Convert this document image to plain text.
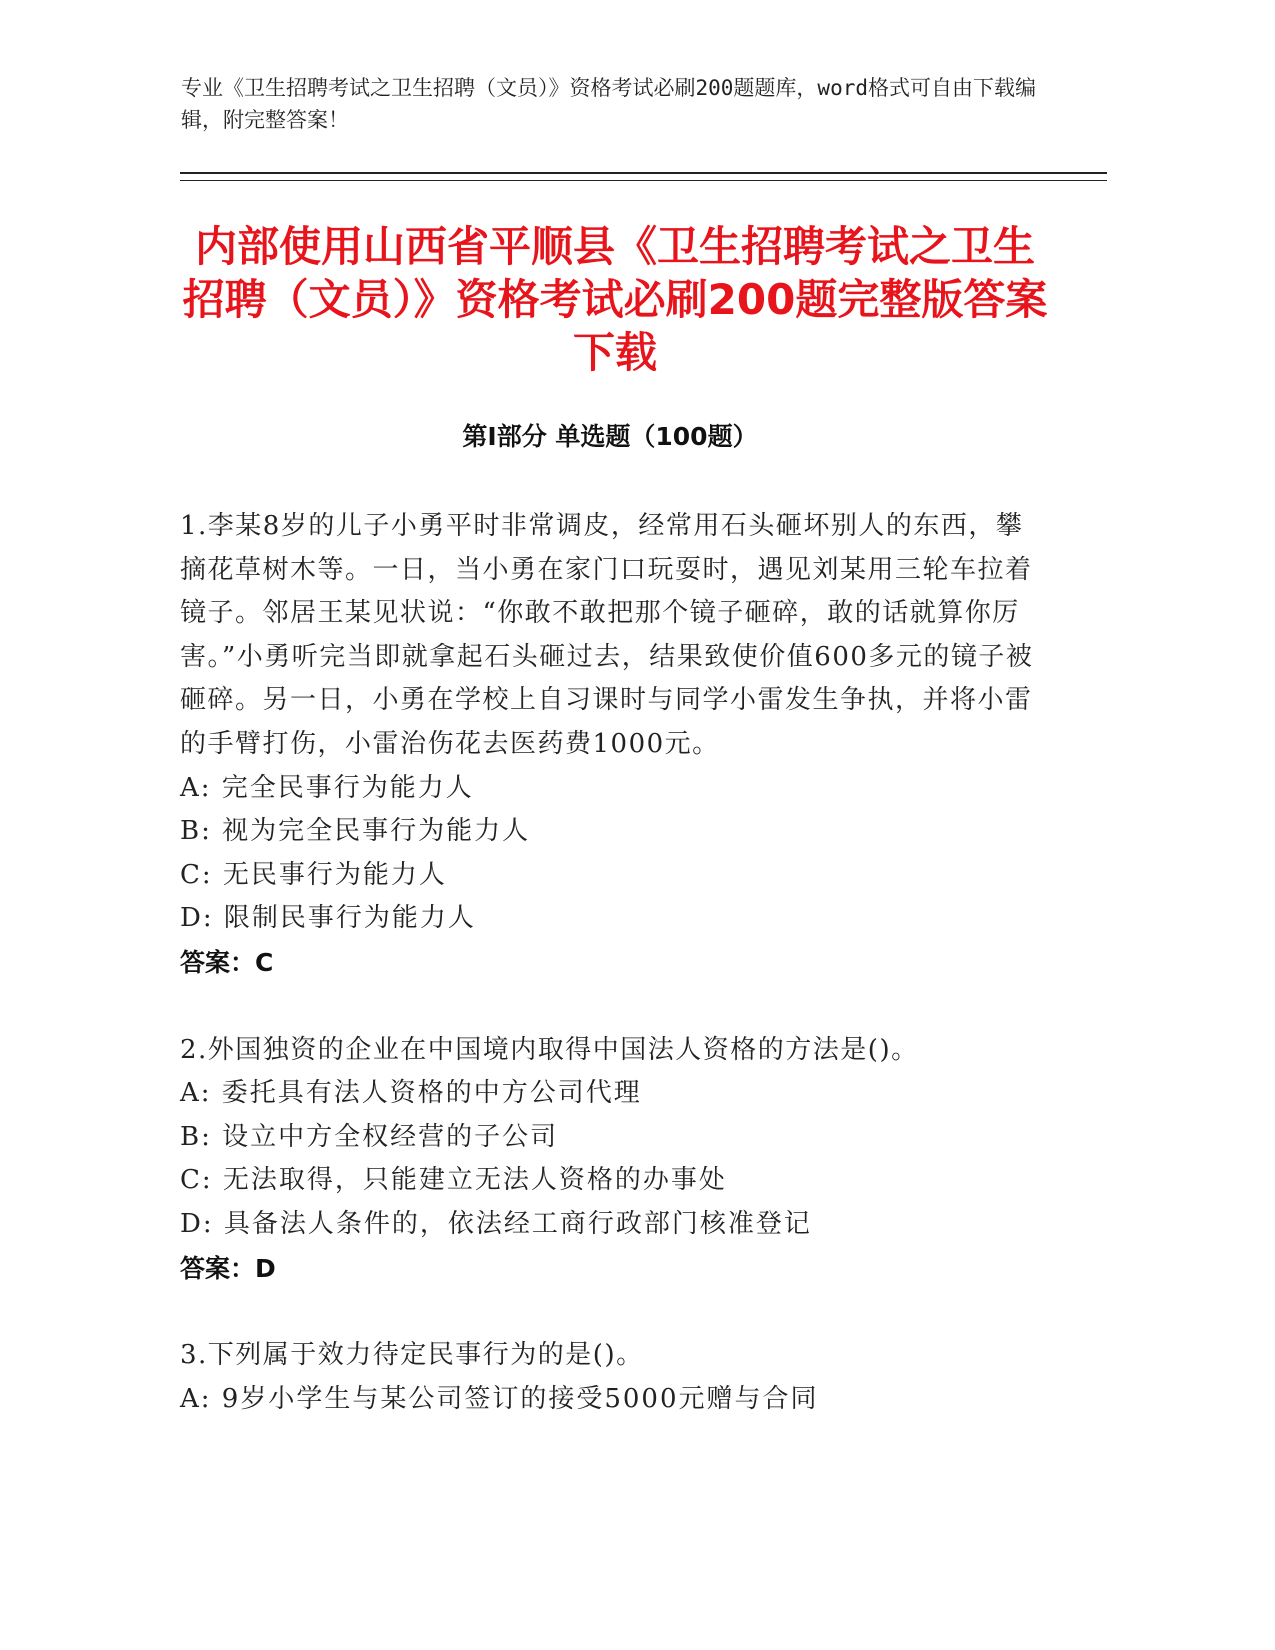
专业《卫生招聘考试之卫生招聘（文员）》资格考试必刷200题题库，word格式可自由下载编辑，附完整答案！
内部使用山西省平顺县《卫生招聘考试之卫生招聘（文员）》资格考试必刷200题完整版答案下载
第Ⅰ部分 单选题（100题）

1.李某8岁的儿子小勇平时非常调皮，经常用石头砸坏别人的东西，攀摘花草树木等。一日，当小勇在家门口玩耍时，遇见刘某用三轮车拉着镜子。邻居王某见状说：“你敢不敢把那个镜子砸碎，敢的话就算你厉害。”小勇听完当即就拿起石头砸过去，结果致使价值600多元的镜子被砸碎。另一日，小勇在学校上自习课时与同学小雷发生争执，并将小雷的手臂打伤，小雷治伤花去医药费1000元。

A: 完全民事行为能力人

B: 视为完全民事行为能力人

C: 无民事行为能力人

D: 限制民事行为能力人

答案：C

2.外国独资的企业在中国境内取得中国法人资格的方法是()。

A: 委托具有法人资格的中方公司代理

B: 设立中方全权经营的子公司

C: 无法取得，只能建立无法人资格的办事处

D: 具备法人条件的，依法经工商行政部门核准登记

答案：D

3.下列属于效力待定民事行为的是()。

A: 9岁小学生与某公司签订的接受5000元赠与合同
